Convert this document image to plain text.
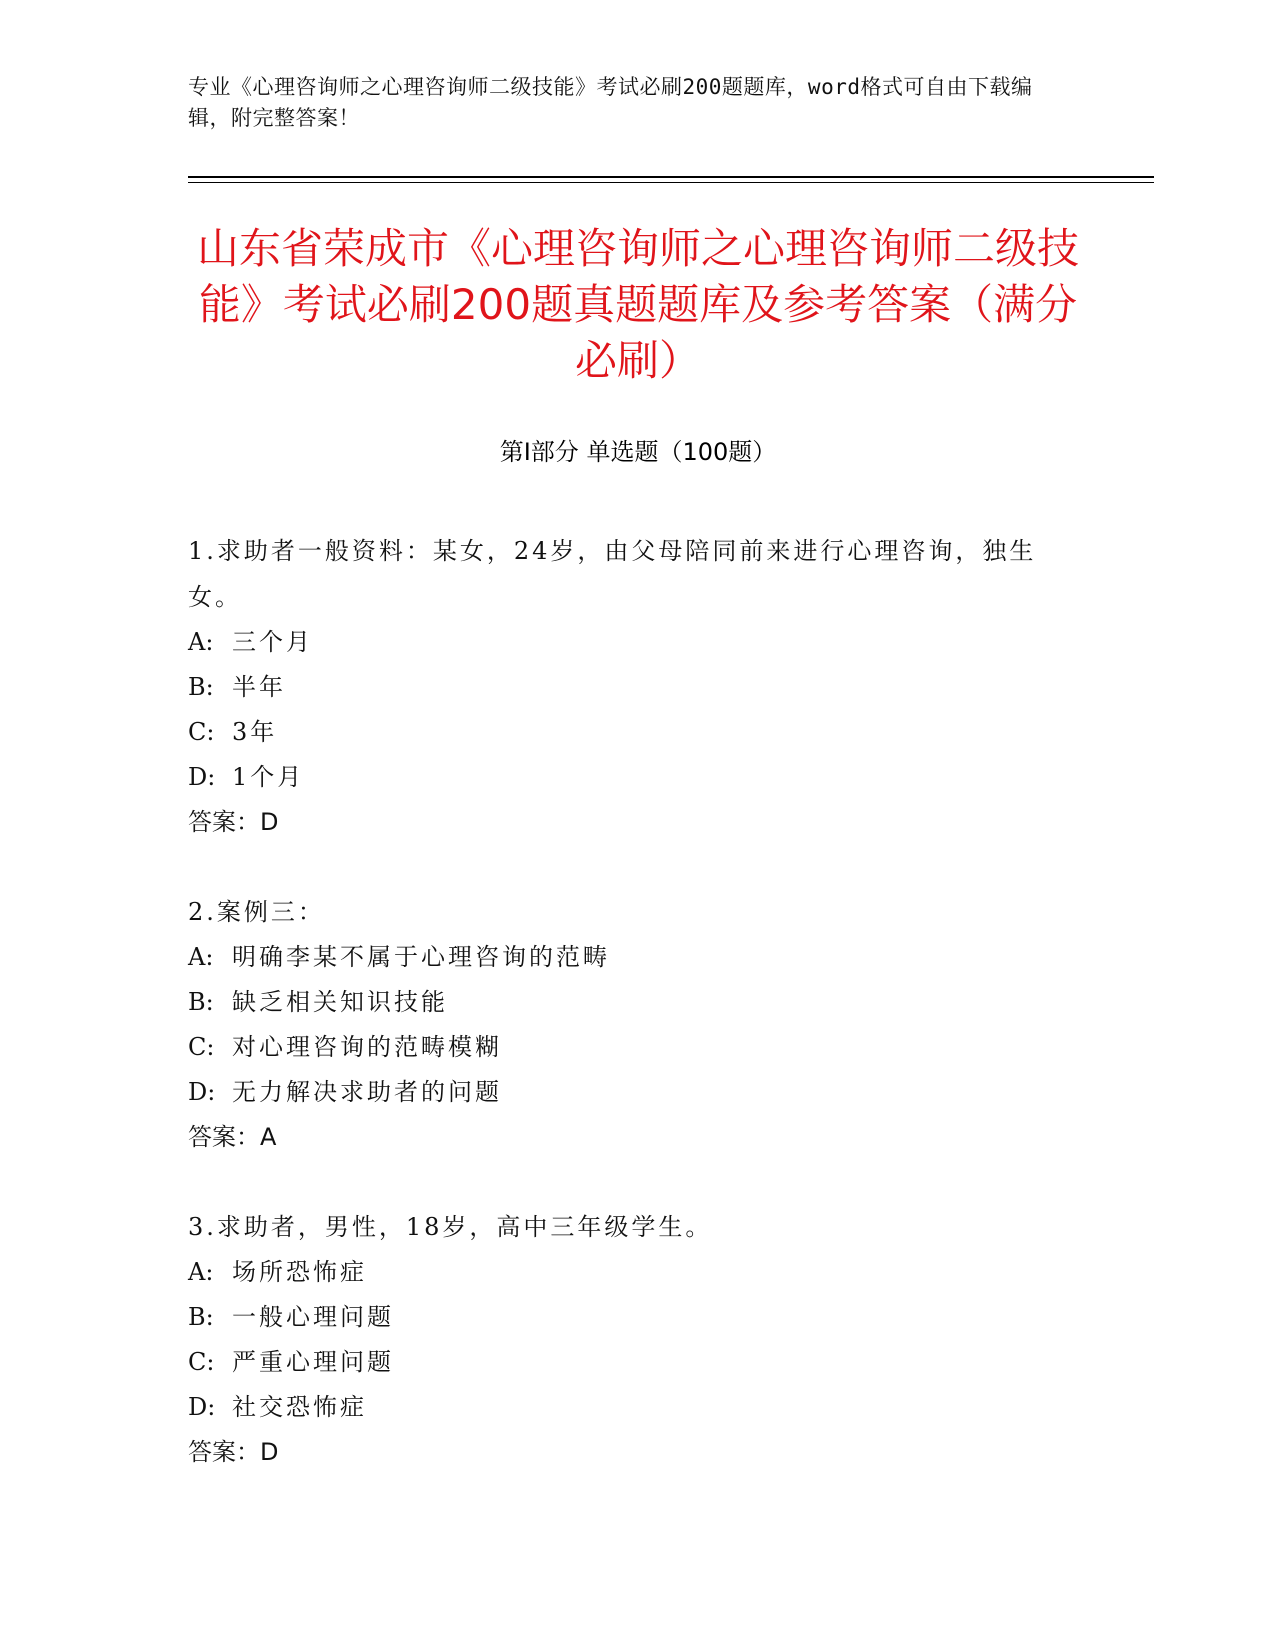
专业《心理咨询师之心理咨询师二级技能》考试必刷200题题库，word格式可自由下载编辑，附完整答案！
山东省荣成市《心理咨询师之心理咨询师二级技能》考试必刷200题真题题库及参考答案（满分必刷）
第Ⅰ部分 单选题（100题）
1.求助者一般资料：某女，24岁，由父母陪同前来进行心理咨询，独生女。
A: 三个月
B: 半年
C: 3年
D: 1个月
答案：D
2.案例三：
A: 明确李某不属于心理咨询的范畴
B: 缺乏相关知识技能
C: 对心理咨询的范畴模糊
D: 无力解决求助者的问题
答案：A
3.求助者，男性，18岁，高中三年级学生。
A: 场所恐怖症
B: 一般心理问题
C: 严重心理问题
D: 社交恐怖症
答案：D
